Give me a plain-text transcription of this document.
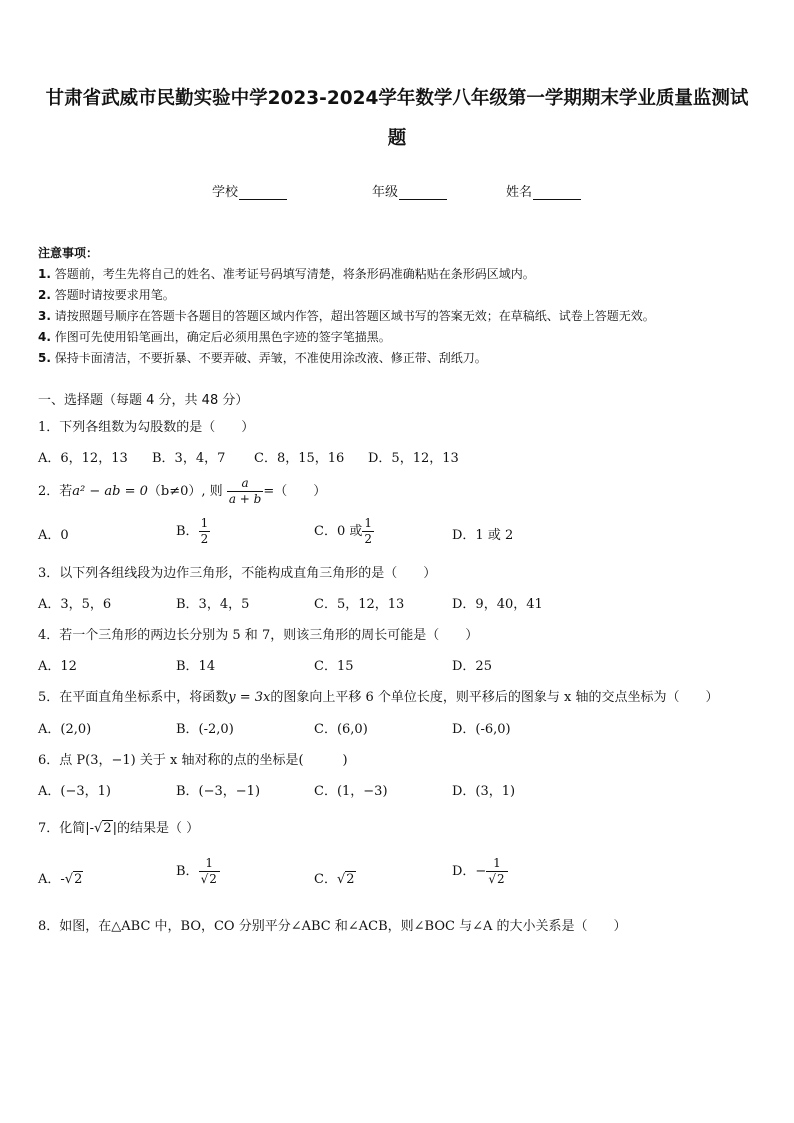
甘肃省武威市民勤实验中学2023-2024学年数学八年级第一学期期末学业质量监测试
题
学校	年级	姓名
注意事项：
1. 答题前，考生先将自己的姓名、准考证号码填写清楚，将条形码准确粘贴在条形码区域内。
2. 答题时请按要求用笔。
3. 请按照题号顺序在答题卡各题目的答题区域内作答，超出答题区域书写的答案无效；在草稿纸、试卷上答题无效。
4. 作图可先使用铅笔画出，确定后必须用黑色字迹的签字笔描黑。
5. 保持卡面清洁，不要折暴、不要弄破、弄皱，不准使用涂改液、修正带、刮纸刀。
一、选择题（每题 4 分，共 48 分）
1．下列各组数为勾股数的是（　　）
A．6，12，13 B．3，4，7 C．8，15，16 D．5，12，13
2．若a² − ab = 0（b≠0）, 则 $\frac{a}{a + b}$ =（　　）
A．0	B． $\frac{1}{2}$	C．0 或 $\frac{1}{2}$	D．1 或 2
3．以下列各组线段为边作三角形，不能构成直角三角形的是（　　）
A．3，5，6	B．3，4，5	C．5，12，13	D．9，40，41
4．若一个三角形的两边长分别为 5 和 7，则该三角形的周长可能是（　　）
A．12	B．14	C．15	D．25
5．在平面直角坐标系中，将函数y = 3x的图象向上平移 6 个单位长度，则平移后的图象与 x 轴的交点坐标为（　　）
A．(2,0)	B．(-2,0)	C．(6,0)	D．(-6,0)
6．点 P(3，−1) 关于 x 轴对称的点的坐标是(　　　)
A．(−3，1)	B．(−3，−1)	C．(1，−3)	D．(3，1)
7．化简|-√2|的结果是（ ）
A．-√2
B． $\frac{1}{√2}$	C．√2
D．− $\frac{1}{√2}$
8．如图，在△ABC 中，BO，CO 分别平分∠ABC 和∠ACB，则∠BOC 与∠A 的大小关系是（　　）
